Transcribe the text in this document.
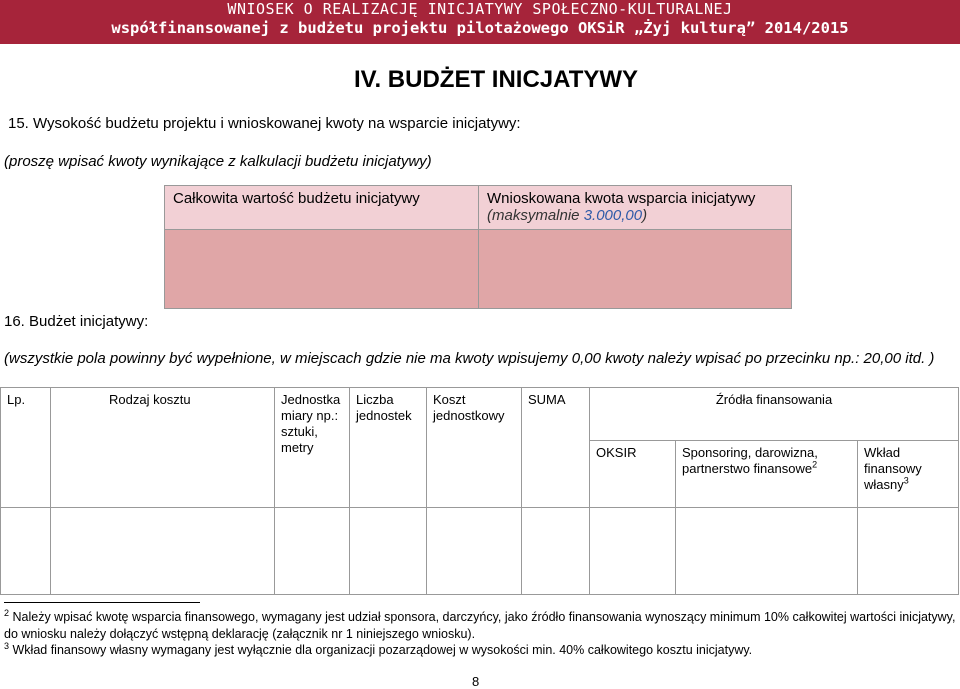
WNIOSEK O REALIZACJĘ INICJATYWY SPOŁECZNO-KULTURALNEJ
współfinansowanej z budżetu projektu pilotażowego OKSiR „Żyj kulturą” 2014/2015
IV. BUDŻET INICJATYWY
15. Wysokość budżetu projektu i wnioskowanej kwoty na wsparcie inicjatywy:
(proszę wpisać kwoty wynikające z kalkulacji budżetu inicjatywy)
Całkowita wartość budżetu inicjatywy	Wnioskowana kwota wsparcia inicjatywy
(maksymalnie 3.000,00)

16. Budżet inicjatywy:
(wszystkie pola powinny być wypełnione, w miejscach gdzie nie ma kwoty wpisujemy 0,00 kwoty należy wpisać po przecinku np.: 20,00 itd. )
Lp.	Rodzaj kosztu	Jednostka miary np.: sztuki, metry	Liczba jednostek	Koszt jednostkowy	SUMA	Źródła finansowania		
						OKSIR	Sponsoring, darowizna, partnerstwo finansowe$^2$	Wkład finansowy własny$^3$

$^2$ Należy wpisać kwotę wsparcia finansowego, wymagany jest udział sponsora, darczyńcy, jako źródło finansowania wynoszący minimum 10% całkowitej wartości inicjatywy,
do wniosku należy dołączyć wstępną deklarację (załącznik nr 1 niniejszego wniosku).
$^3$ Wkład finansowy własny wymagany jest wyłącznie dla organizacji pozarządowej w wysokości min. 40% całkowitego kosztu inicjatywy.
8
